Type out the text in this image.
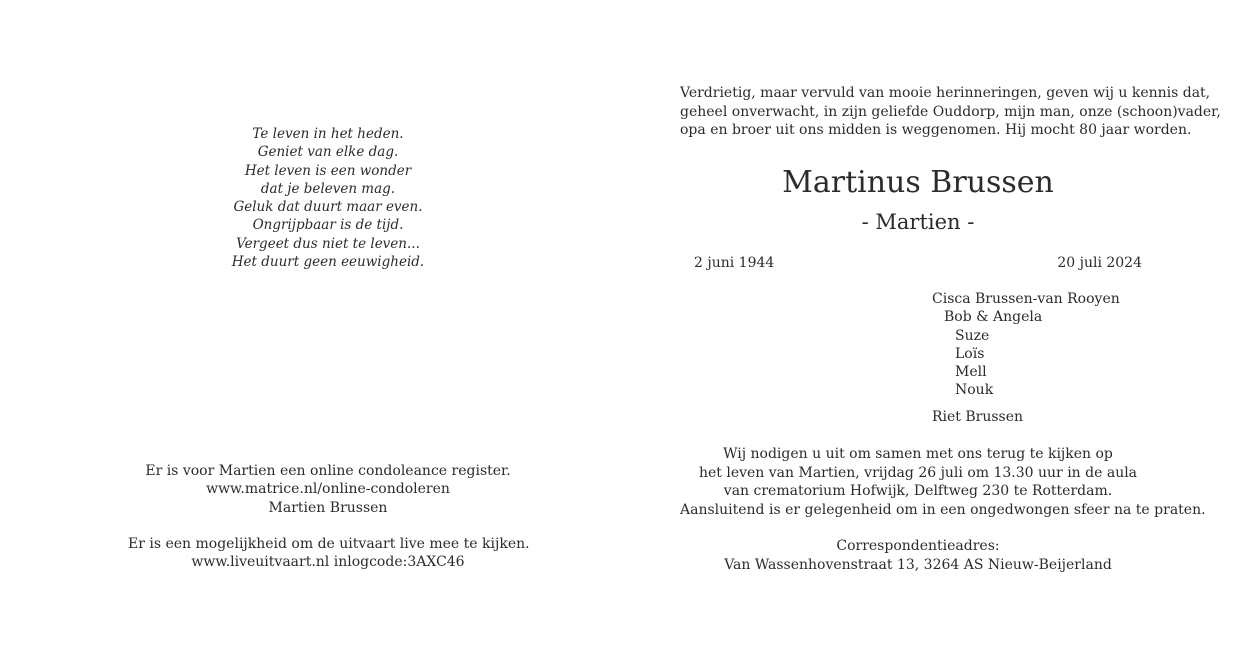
Te leven in het heden.
Geniet van elke dag.
Het leven is een wonder
dat je beleven mag.
Geluk dat duurt maar even.
Ongrijpbaar is de tijd.
Vergeet dus niet te leven...
Het duurt geen eeuwigheid.
Er is voor Martien een online condoleance register.
www.matrice.nl/online-condoleren
Martien Brussen
Er is een mogelijkheid om de uitvaart live mee te kijken.
www.liveuitvaart.nl inlogcode:3AXC46
Verdrietig, maar vervuld van mooie herinneringen, geven wij u kennis dat,
geheel onverwacht, in zijn geliefde Ouddorp, mijn man, onze (schoon)vader,
opa en broer uit ons midden is weggenomen. Hij mocht 80 jaar worden.
Martinus Brussen
- Martien -
2 juni 1944	20 juli 2024
Cisca Brussen-van Rooyen
Bob & Angela
Suze
Loïs
Mell
Nouk
Riet Brussen
Wij nodigen u uit om samen met ons terug te kijken op
het leven van Martien, vrijdag 26 juli om 13.30 uur in de aula
van crematorium Hofwijk, Delftweg 230 te Rotterdam.
Aansluitend is er gelegenheid om in een ongedwongen sfeer na te praten.
Correspondentieadres:
Van Wassenhovenstraat 13, 3264 AS Nieuw-Beijerland
